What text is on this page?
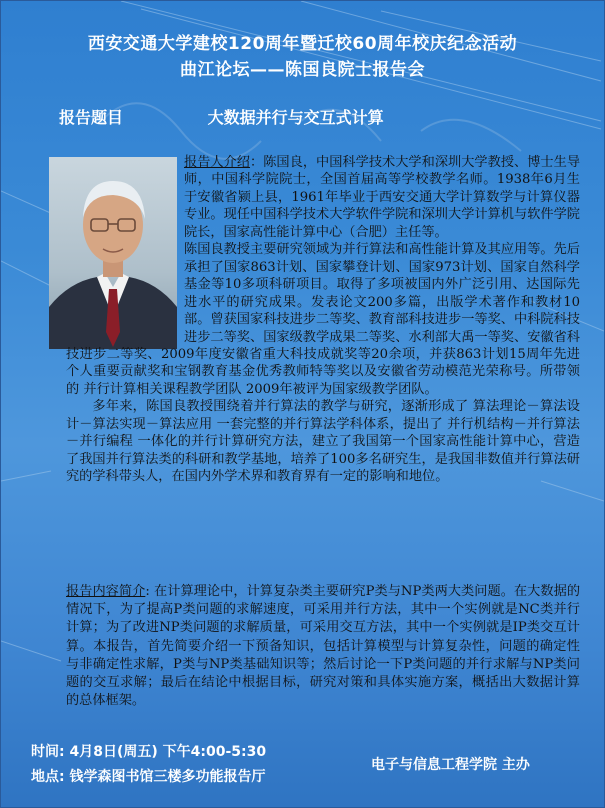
西安交通大学建校120周年暨迁校60周年校庆纪念活动
曲江论坛——陈国良院士报告会
报告题目	大数据并行与交互式计算

报告人介绍：陈国良，中国科学技术大学和深圳大学教授、博士生导师，中国科学院院士，全国首届高等学校教学名师。1938年6月生于安徽省颍上县，1961年毕业于西安交通大学计算数学与计算仪器专业。现任中国科学技术大学软件学院和深圳大学计算机与软件学院院长，国家高性能计算中心（合肥）主任等。

陈国良教授主要研究领域为并行算法和高性能计算及其应用等。先后承担了国家863计划、国家攀登计划、国家973计划、国家自然科学基金等10多项科研项目。取得了多项被国内外广泛引用、达国际先进水平的研究成果。发表论文200多篇，出版学术著作和教材10部。曾获国家科技进步二等奖、教育部科技进步一等奖、中科院科技进步二等奖、国家级教学成果二等奖、水利部大禹一等奖、安徽省科技进步二等奖、2009年度安徽省重大科技成就奖等20余项，并获863计划15周年先进个人重要贡献奖和宝钢教育基金优秀教师特等奖以及安徽省劳动模范光荣称号。所带领的 并行计算相关课程教学团队 2009年被评为国家级教学团队。

多年来，陈国良教授围绕着并行算法的教学与研究，逐渐形成了 算法理论－算法设计－算法实现－算法应用 一套完整的并行算法学科体系，提出了 并行机结构－并行算法－并行编程 一体化的并行计算研究方法，建立了我国第一个国家高性能计算中心，营造了我国并行算法类的科研和教学基地，培养了100多名研究生，是我国非数值并行算法研究的学科带头人，在国内外学术界和教育界有一定的影响和地位。

报告内容简介: 在计算理论中，计算复杂类主要研究P类与NP类两大类问题。在大数据的情况下，为了提高P类问题的求解速度，可采用并行方法，其中一个实例就是NC类并行计算；为了改进NP类问题的求解质量，可采用交互方法，其中一个实例就是IP类交互计算。本报告，首先简要介绍一下预备知识，包括计算模型与计算复杂性，问题的确定性与非确定性求解，P类与NP类基础知识等；然后讨论一下P类问题的并行求解与NP类问题的交互求解；最后在结论中根据目标，研究对策和具体实施方案，概括出大数据计算的总体框架。
时间: 4月8日(周五) 下午4:00-5:30
地点: 钱学森图书馆三楼多功能报告厅
电子与信息工程学院 主办
